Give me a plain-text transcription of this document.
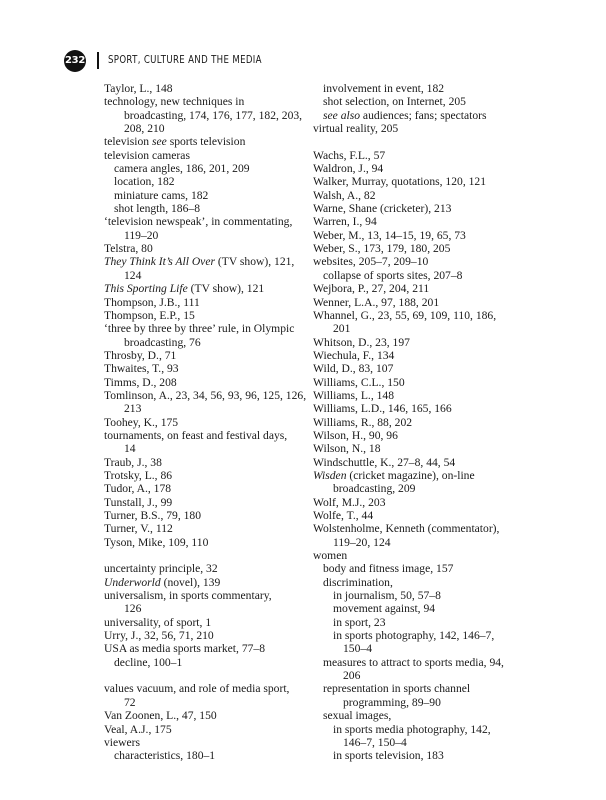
232 SPORT, CULTURE AND THE MEDIA
Taylor, L., 148
technology, new techniques in
broadcasting, 174, 176, 177, 182, 203,
208, 210
television see sports television
television cameras
camera angles, 186, 201, 209
location, 182
miniature cams, 182
shot length, 186–8
‘television newspeak’, in commentating,
119–20
Telstra, 80
They Think It’s All Over (TV show), 121,
124
This Sporting Life (TV show), 121
Thompson, J.B., 111
Thompson, E.P., 15
‘three by three by three’ rule, in Olympic
broadcasting, 76
Throsby, D., 71
Thwaites, T., 93
Timms, D., 208
Tomlinson, A., 23, 34, 56, 93, 96, 125, 126,
213
Toohey, K., 175
tournaments, on feast and festival days,
14
Traub, J., 38
Trotsky, L., 86
Tudor, A., 178
Tunstall, J., 99
Turner, B.S., 79, 180
Turner, V., 112
Tyson, Mike, 109, 110
uncertainty principle, 32
Underworld (novel), 139
universalism, in sports commentary,
126
universality, of sport, 1
Urry, J., 32, 56, 71, 210
USA as media sports market, 77–8
decline, 100–1
values vacuum, and role of media sport,
72
Van Zoonen, L., 47, 150
Veal, A.J., 175
viewers
characteristics, 180–1
involvement in event, 182
shot selection, on Internet, 205
see also audiences; fans; spectators
virtual reality, 205
Wachs, F.L., 57
Waldron, J., 94
Walker, Murray, quotations, 120, 121
Walsh, A., 82
Warne, Shane (cricketer), 213
Warren, I., 94
Weber, M., 13, 14–15, 19, 65, 73
Weber, S., 173, 179, 180, 205
websites, 205–7, 209–10
collapse of sports sites, 207–8
Wejbora, P., 27, 204, 211
Wenner, L.A., 97, 188, 201
Whannel, G., 23, 55, 69, 109, 110, 186,
201
Whitson, D., 23, 197
Wiechula, F., 134
Wild, D., 83, 107
Williams, C.L., 150
Williams, L., 148
Williams, L.D., 146, 165, 166
Williams, R., 88, 202
Wilson, H., 90, 96
Wilson, N., 18
Windschuttle, K., 27–8, 44, 54
Wisden (cricket magazine), on-line
broadcasting, 209
Wolf, M.J., 203
Wolfe, T., 44
Wolstenholme, Kenneth (commentator),
119–20, 124
women
body and fitness image, 157
discrimination,
in journalism, 50, 57–8
movement against, 94
in sport, 23
in sports photography, 142, 146–7,
150–4
measures to attract to sports media, 94,
206
representation in sports channel
programming, 89–90
sexual images,
in sports media photography, 142,
146–7, 150–4
in sports television, 183
